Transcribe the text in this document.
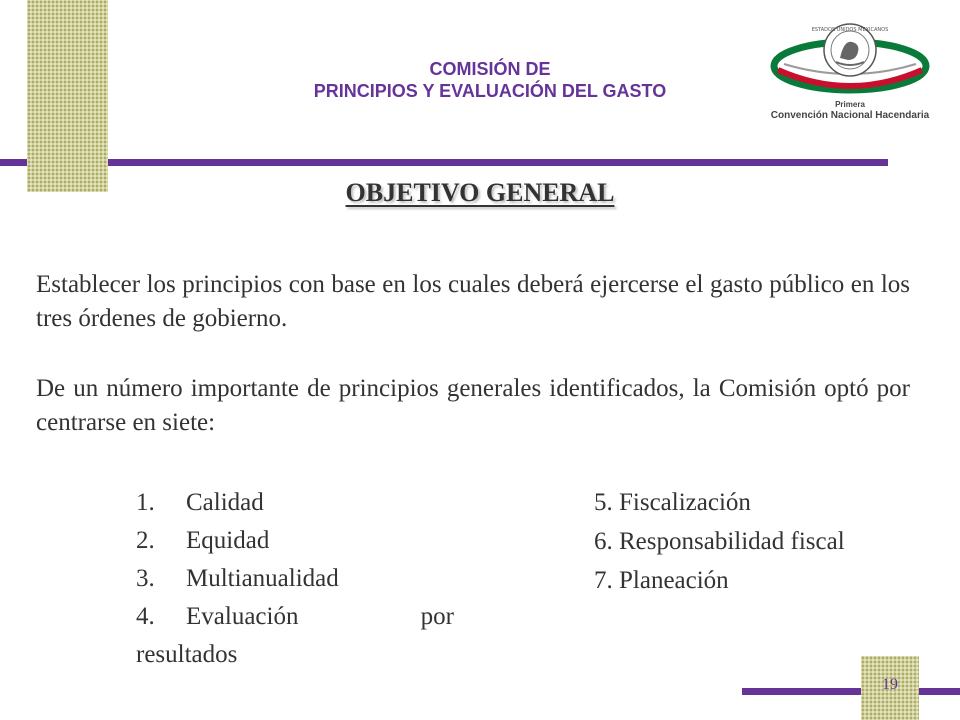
COMISIÓN DE
PRINCIPIOS Y EVALUACIÓN DEL GASTO
ESTADOS UNIDOS MEXICANOS
Primera
Convención Nacional Hacendaria
OBJETIVO GENERAL
Establecer los principios con base en los cuales deberá ejercerse el gasto público en los tres órdenes de gobierno.
De un número importante de principios generales identificados, la Comisión optó por centrarse en siete:
1.	Calidad
2.	Equidad
3.	Multianualidad
4.	Evaluación por
resultados
5. Fiscalización
6. Responsabilidad fiscal
7. Planeación
19
